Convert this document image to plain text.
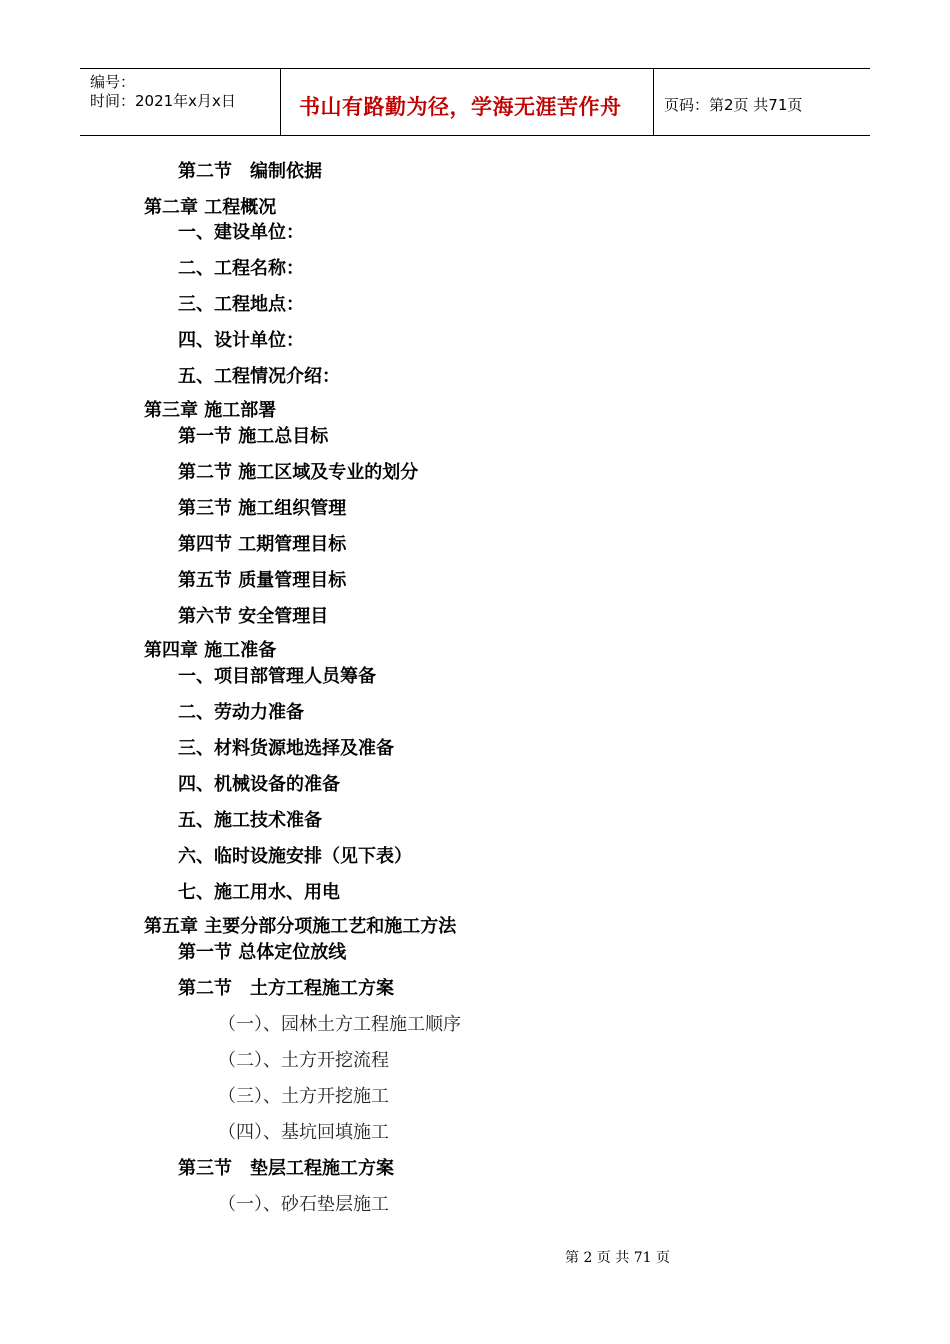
编号：
时间：2021年x月x日	书山有路勤为径，学海无涯苦作舟	页码：第2页 共71页
第二节　编制依据
第二章 工程概况
一、建设单位：
二、工程名称：
三、工程地点：
四、设计单位：
五、工程情况介绍：
第三章 施工部署
第一节 施工总目标
第二节 施工区域及专业的划分
第三节 施工组织管理
第四节 工期管理目标
第五节 质量管理目标
第六节 安全管理目
第四章 施工准备
一、项目部管理人员筹备
二、劳动力准备
三、材料货源地选择及准备
四、机械设备的准备
五、施工技术准备
六、临时设施安排（见下表）
七、施工用水、用电
第五章 主要分部分项施工艺和施工方法
第一节 总体定位放线
第二节　土方工程施工方案
（一）、园林土方工程施工顺序
（二）、土方开挖流程
（三）、土方开挖施工
（四）、基坑回填施工
第三节　垫层工程施工方案
（一）、砂石垫层施工
第 2 页 共 71 页
